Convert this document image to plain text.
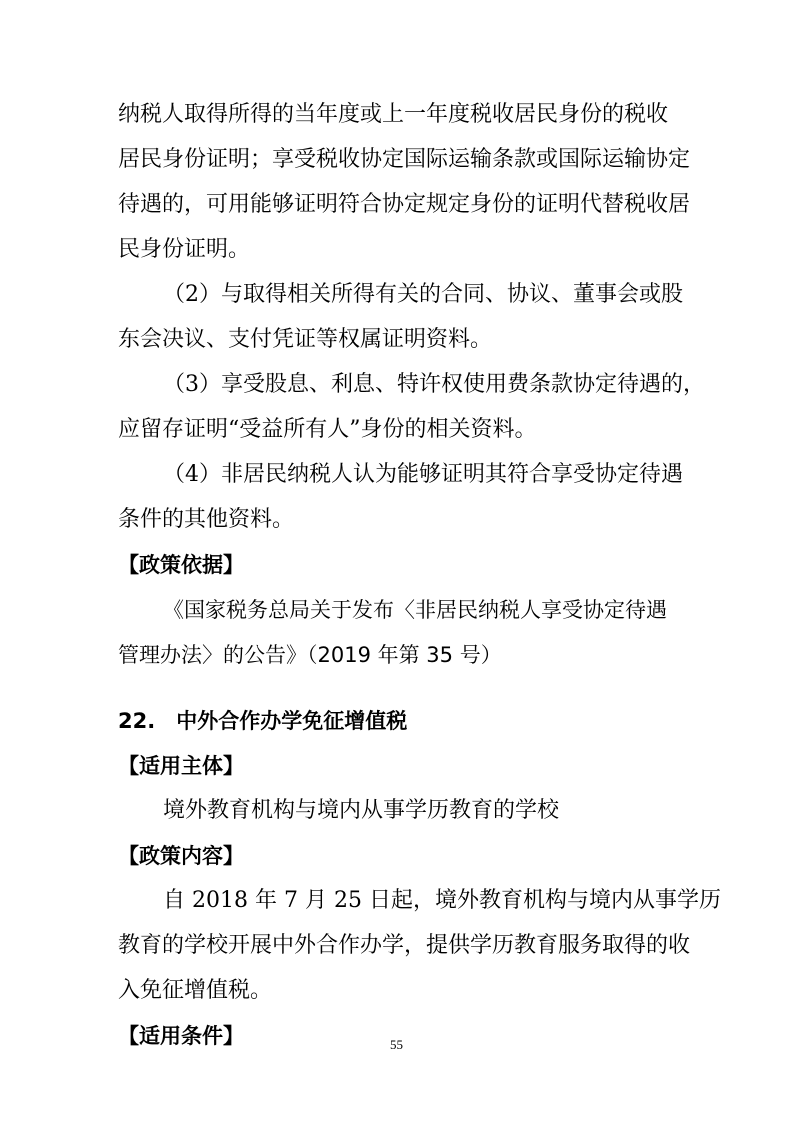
纳税人取得所得的当年度或上一年度税收居民身份的税收
居民身份证明；享受税收协定国际运输条款或国际运输协定
待遇的，可用能够证明符合协定规定身份的证明代替税收居
民身份证明。
（2）与取得相关所得有关的合同、协议、董事会或股
东会决议、支付凭证等权属证明资料。
（3）享受股息、利息、特许权使用费条款协定待遇的，
应留存证明“受益所有人”身份的相关资料。
（4）非居民纳税人认为能够证明其符合享受协定待遇
条件的其他资料。
【政策依据】
《国家税务总局关于发布〈非居民纳税人享受协定待遇
管理办法〉的公告》（2019 年第 35 号）
22.　中外合作办学免征增值税
【适用主体】
境外教育机构与境内从事学历教育的学校
【政策内容】
自 2018 年 7 月 25 日起，境外教育机构与境内从事学历
教育的学校开展中外合作办学，提供学历教育服务取得的收
入免征增值税。
【适用条件】	55
